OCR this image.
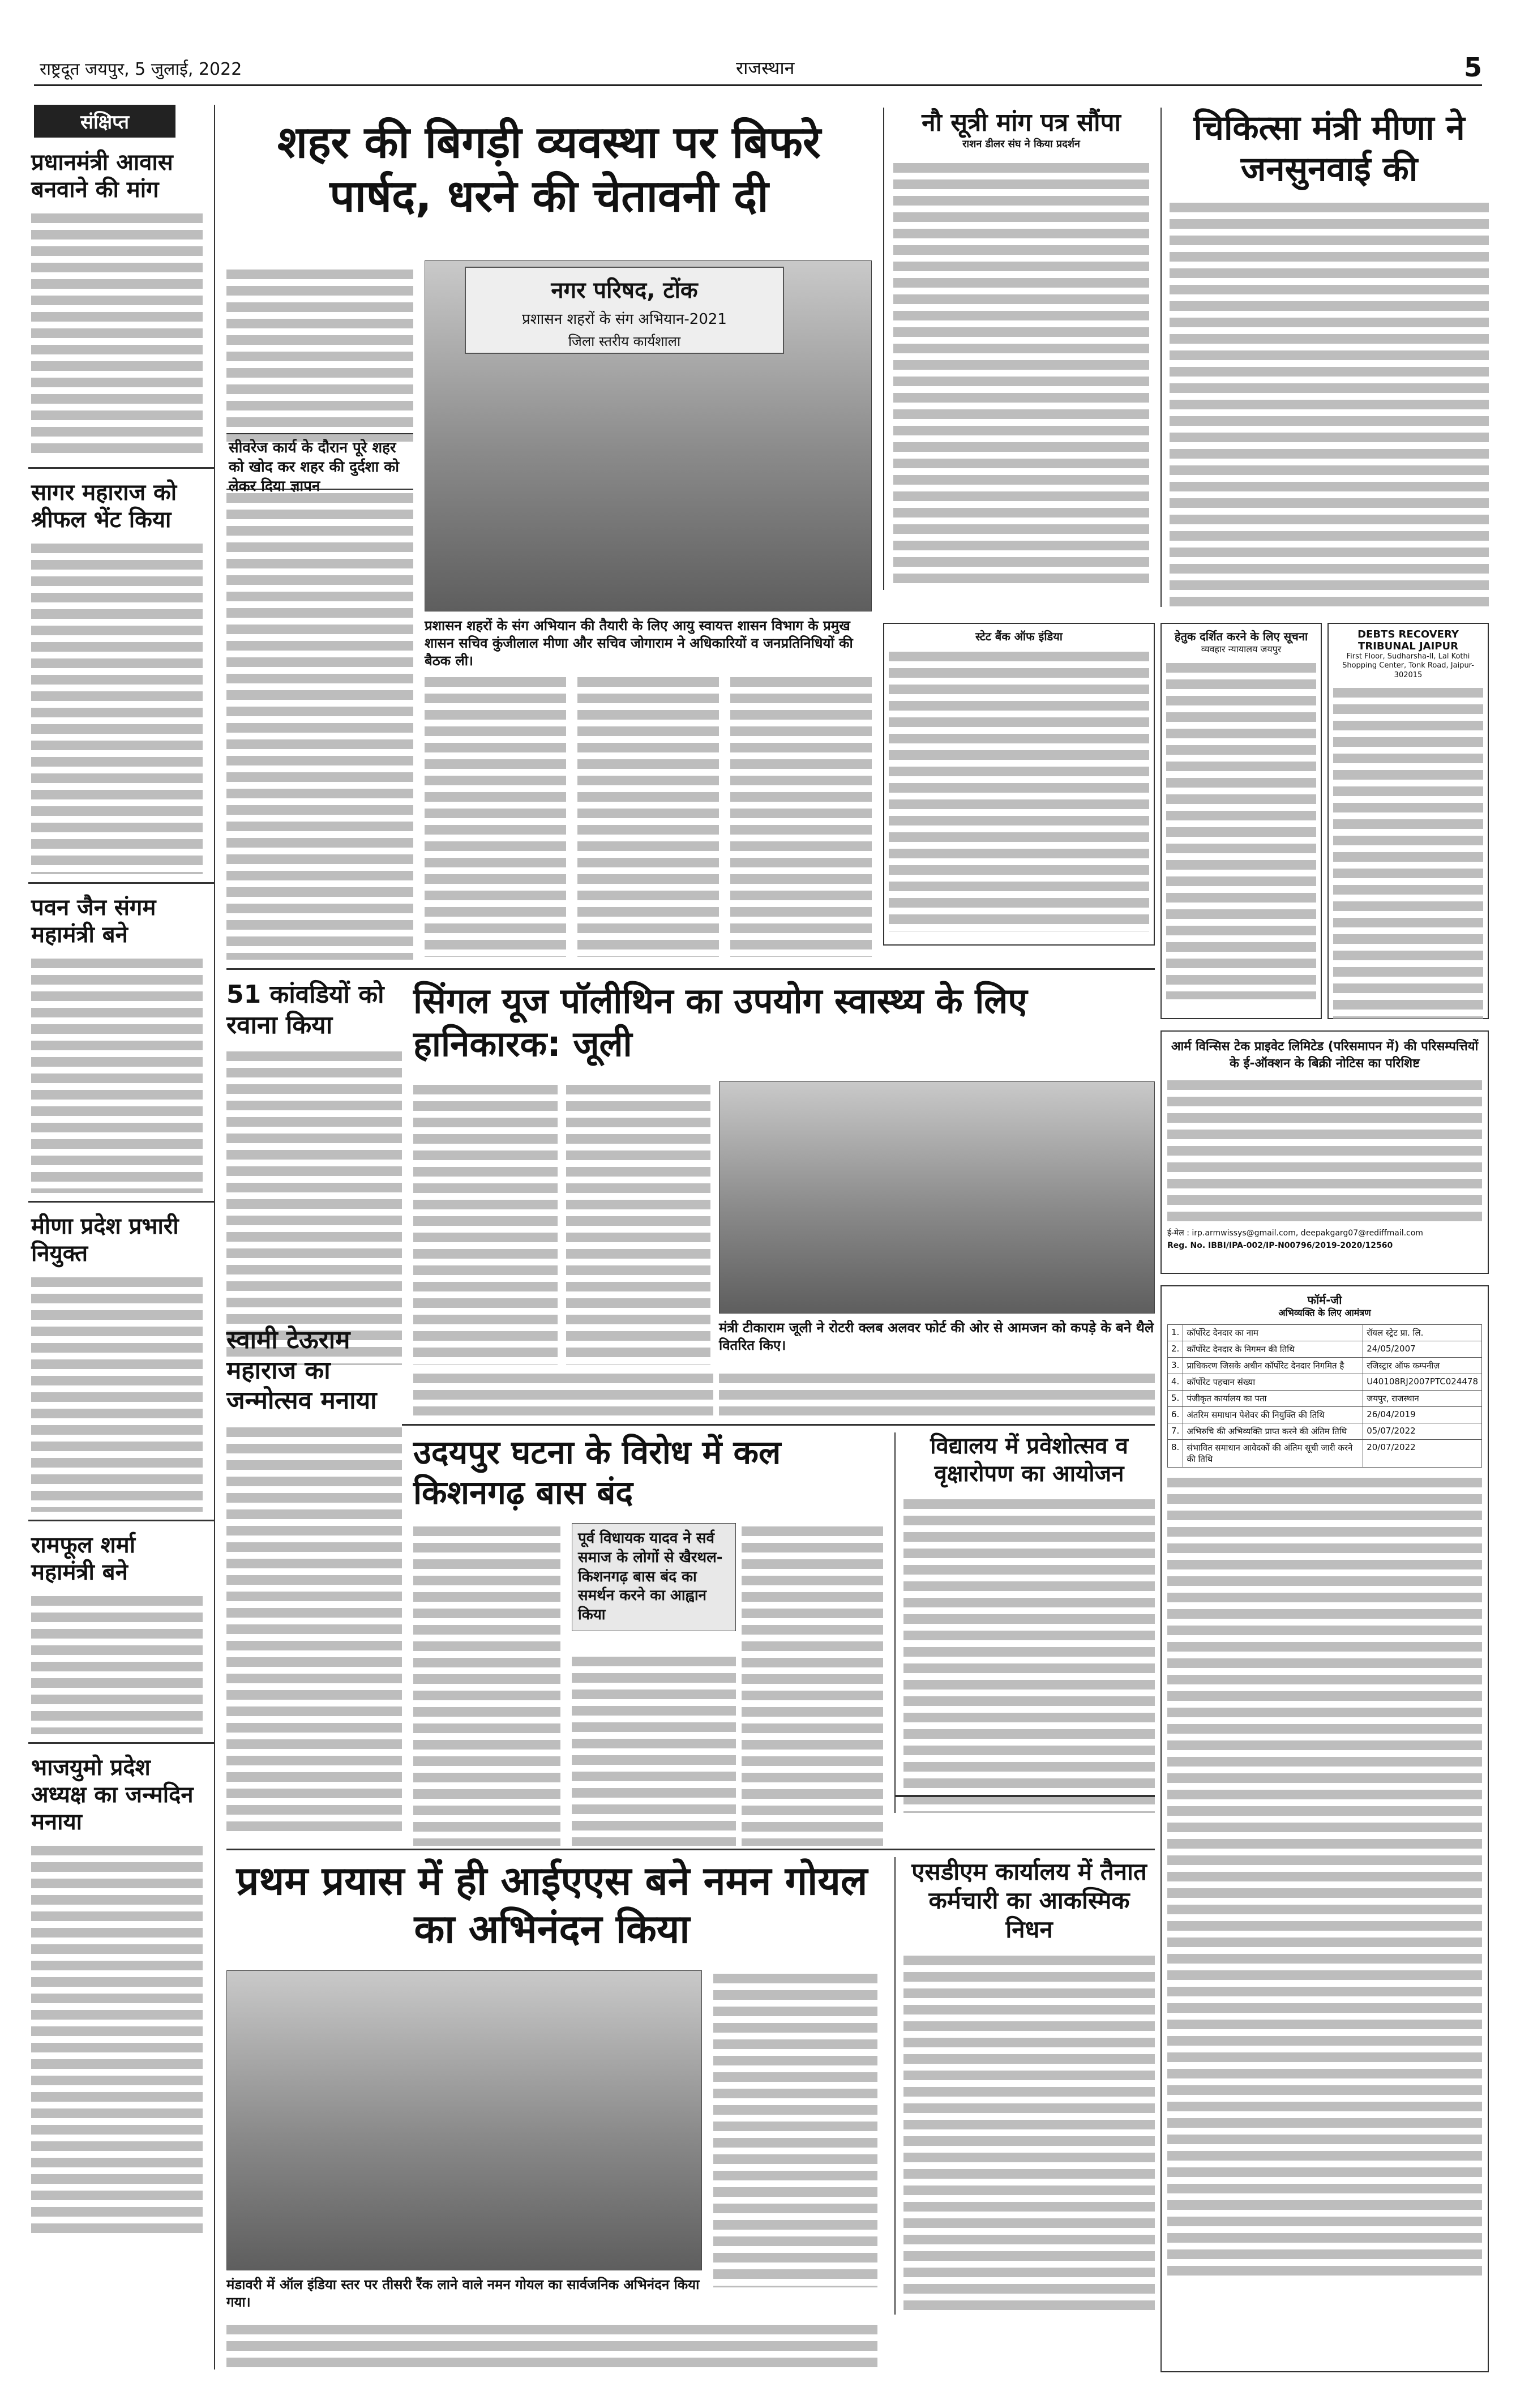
राष्ट्रदूत जयपुर, 5 जुलाई, 2022	राजस्थान	5
संक्षिप्त
प्रधानमंत्री आवास बनवाने की मांग
सागर महाराज को श्रीफल भेंट किया
पवन जैन संगम महामंत्री बने
मीणा प्रदेश प्रभारी नियुक्त
रामफूल शर्मा महामंत्री बने
भाजयुमो प्रदेश अध्यक्ष का जन्मदिन मनाया
शहर की बिगड़ी व्यवस्था पर बिफरे पार्षद, धरने की चेतावनी दी
सीवरेज कार्य के दौरान पूरे शहर को खोद कर शहर की दुर्दशा को लेकर दिया ज्ञापन
नगर परिषद, टोंक
प्रशासन शहरों के संग अभियान-2021
जिला स्तरीय कार्यशाला
प्रशासन शहरों के संग अभियान की तैयारी के लिए आयु स्वायत्त शासन विभाग के प्रमुख शासन सचिव कुंजीलाल मीणा और सचिव जोगाराम ने अधिकारियों व जनप्रतिनिधियों की बैठक ली।
नौ सूत्री मांग पत्र सौंपा
राशन डीलर संघ ने किया प्रदर्शन	चिकित्सा मंत्री मीणा ने जनसुनवाई की
स्टेट बैंक ऑफ इंडिया	हेतुक दर्शित करने के लिए सूचना
व्यवहार न्यायालय जयपुर
DEBTS RECOVERY TRIBUNAL JAIPUR
First Floor, Sudharsha-II, Lal Kothi Shopping Center, Tonk Road, Jaipur-302015
51 कांवडियों को रवाना किया
सिंगल यूज पॉलीथिन का उपयोग स्वास्थ्य के लिए हानिकारक: जूली
मंत्री टीकाराम जूली ने रोटरी क्लब अलवर फोर्ट की ओर से आमजन को कपड़े के बने थैले वितरित किए।
आर्म विन्सिस टेक प्राइवेट लिमिटेड (परिसमापन में) की परिसम्पत्तियों के ई-ऑक्शन के बिक्री नोटिस का परिशिष्ट
ई-मेल : irp.armwissys@gmail.com, deepakgarg07@rediffmail.com
Reg. No. IBBI/IPA-002/IP-N00796/2019-2020/12560
स्वामी टेऊराम महाराज का जन्मोत्सव मनाया
उदयपुर घटना के विरोध में कल किशनगढ़ बास बंद
पूर्व विधायक यादव ने सर्व समाज के लोगों से खैरथल-किशनगढ़ बास बंद का समर्थन करने का आह्वान किया
विद्यालय में प्रवेशोत्सव व वृक्षारोपण का आयोजन
फॉर्म-जी
अभिव्यक्ति के लिए आमंत्रण
1.	कॉर्पोरेट देनदार का नाम	रॉयल स्ट्रेट प्रा. लि.
2.	कॉर्पोरेट देनदार के निगमन की तिथि	24/05/2007
3.	प्राधिकरण जिसके अधीन कॉर्पोरेट देनदार निगमित है	रजिस्ट्रार ऑफ कम्पनीज़
4.	कॉर्पोरेट पहचान संख्या	U40108RJ2007PTC024478
5.	पंजीकृत कार्यालय का पता	जयपुर, राजस्थान
6.	अंतरिम समाधान पेशेवर की नियुक्ति की तिथि	26/04/2019
7.	अभिरुचि की अभिव्यक्ति प्राप्त करने की अंतिम तिथि	05/07/2022
8.	संभावित समाधान आवेदकों की अंतिम सूची जारी करने की तिथि	20/07/2022
प्रथम प्रयास में ही आईएएस बने नमन गोयल का अभिनंदन किया
मंडावरी में ऑल इंडिया स्तर पर तीसरी रैंक लाने वाले नमन गोयल का सार्वजनिक अभिनंदन किया गया।
एसडीएम कार्यालय में तैनात कर्मचारी का आकस्मिक निधन
